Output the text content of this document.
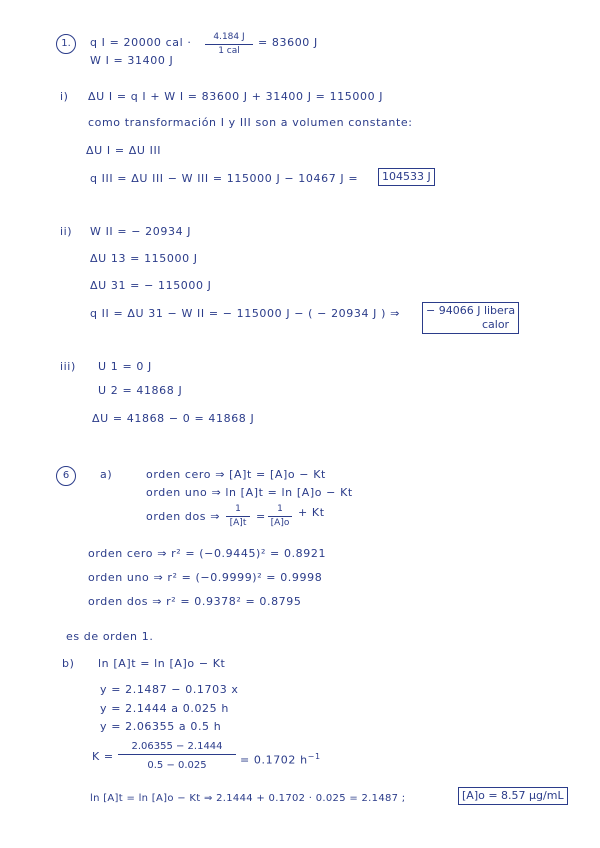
1.	q I = 20000 cal ·	4.184 J
1 cal
= 83600 J
W I = 31400 J
i) ΔU I = q I + W I = 83600 J + 31400 J = 115000 J
como transformación I y III son a volumen constante:
ΔU I = ΔU III
q III = ΔU III − W III = 115000 J − 10467 J =	104533 J
ii) W II = − 20934 J
ΔU 13 = 115000 J
ΔU 31 = − 115000 J
q II = ΔU 31 − W II = − 115000 J − ( − 20934 J ) ⇒ − 94066 J libera
calor
iii) U 1 = 0 J
U 2 = 41868 J
ΔU = 41868 − 0 = 41868 J
6	a)	orden cero ⇒ [A]t = [A]o − Kt
orden uno ⇒ ln [A]t = ln [A]o − Kt
orden dos ⇒ $\frac{1}{[A]t} = \frac{1}{[A]o} + Kt$
orden cero ⇒ r² = (−0.9445)² = 0.8921
orden uno ⇒ r² = (−0.9999)² = 0.9998
orden dos ⇒ r² = 0.9378² = 0.8795
es de orden 1.
b) ln [A]t = ln [A]o − Kt
y = 2.1487 − 0.1703 x
y = 2.1444 a 0.025 h
y = 2.06355 a 0.5 h
$K = \frac{2.06355 - 2.1444}{0.5 - 0.025} = 0.1702$ $h^{-1}$
ln [A]t = ln [A]o − Kt ⇒ 2.1444 + 0.1702 · 0.025 = 2.1487 ;	[A]o = 8.57 μg/mL
